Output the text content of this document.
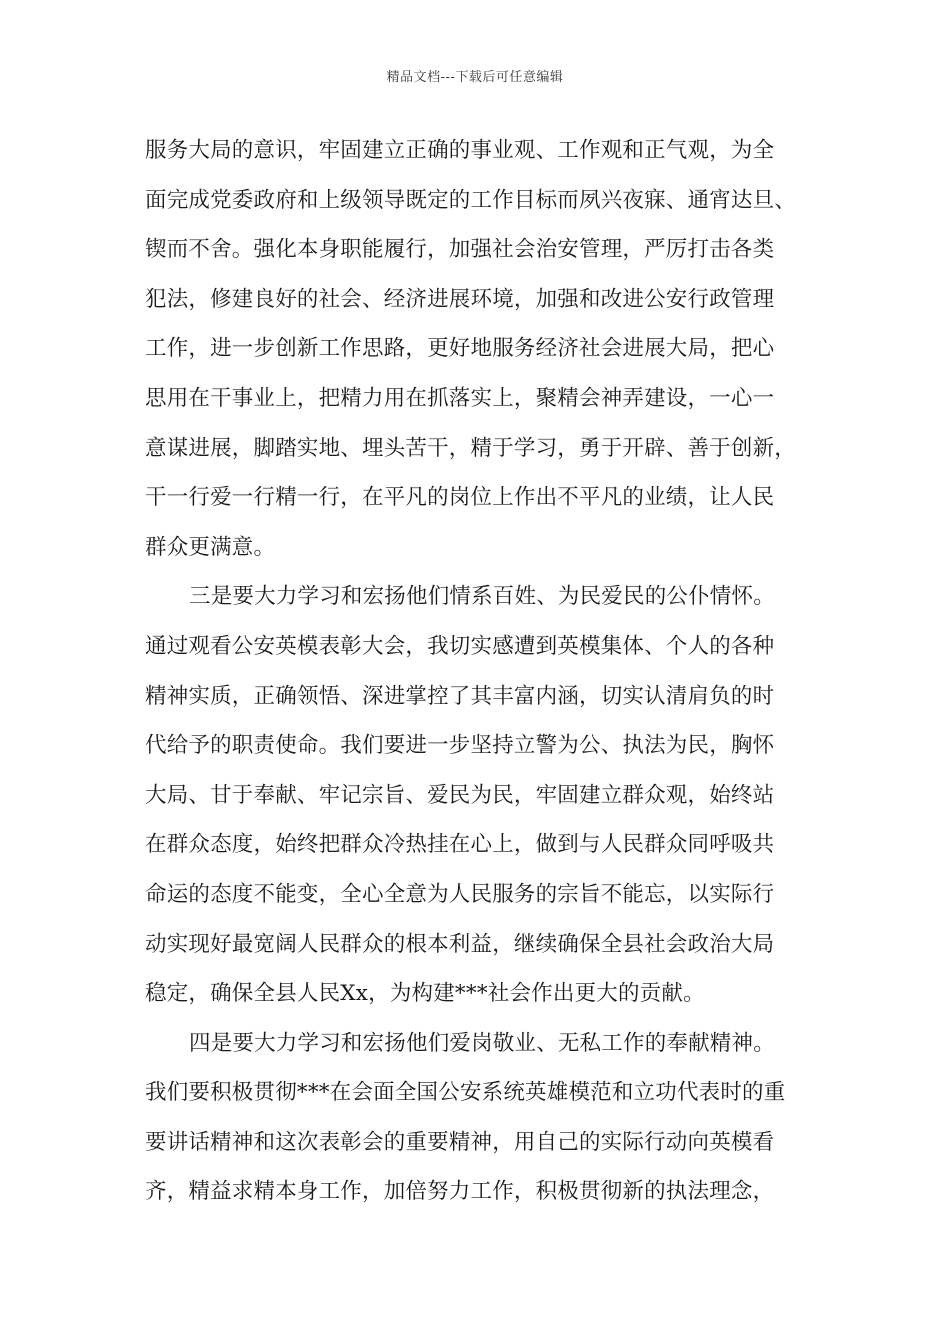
精品文档---下载后可任意编辑
服务大局的意识，牢固建立正确的事业观、工作观和正气观，为全
面完成党委政府和上级领导既定的工作目标而夙兴夜寐、通宵达旦、
锲而不舍。强化本身职能履行，加强社会治安管理，严厉打击各类
犯法，修建良好的社会、经济进展环境，加强和改进公安行政管理
工作，进一步创新工作思路，更好地服务经济社会进展大局，把心
思用在干事业上，把精力用在抓落实上，聚精会神弄建设，一心一
意谋进展，脚踏实地、埋头苦干，精于学习，勇于开辟、善于创新，
干一行爱一行精一行，在平凡的岗位上作出不平凡的业绩，让人民
群众更满意。
三是要大力学习和宏扬他们情系百姓、为民爱民的公仆情怀。
通过观看公安英模表彰大会，我切实感遭到英模集体、个人的各种
精神实质，正确领悟、深进掌控了其丰富内涵，切实认清肩负的时
代给予的职责使命。我们要进一步坚持立警为公、执法为民，胸怀
大局、甘于奉献、牢记宗旨、爱民为民，牢固建立群众观，始终站
在群众态度，始终把群众冷热挂在心上，做到与人民群众同呼吸共
命运的态度不能变，全心全意为人民服务的宗旨不能忘，以实际行
动实现好最宽阔人民群众的根本利益，继续确保全县社会政治大局
稳定，确保全县人民Xx，为构建***社会作出更大的贡献。
四是要大力学习和宏扬他们爱岗敬业、无私工作的奉献精神。
我们要积极贯彻***在会面全国公安系统英雄模范和立功代表时的重
要讲话精神和这次表彰会的重要精神，用自己的实际行动向英模看
齐，精益求精本身工作，加倍努力工作，积极贯彻新的执法理念，
